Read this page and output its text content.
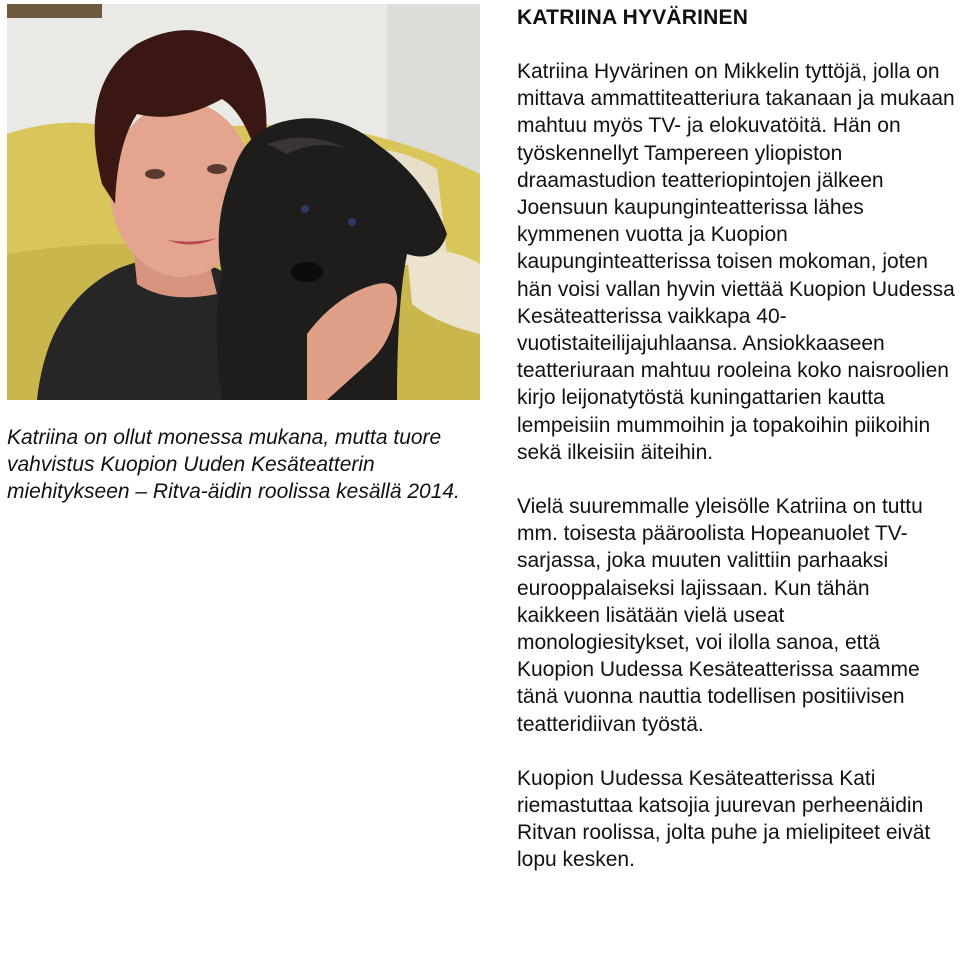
Katriina on ollut monessa mukana, mutta tuore vahvistus Kuopion Uuden Kesäteatterin miehitykseen – Ritva-äidin roolissa kesällä 2014.

KATRIINA HYVÄRINEN

Katriina Hyvärinen on Mikkelin tyttöjä, jolla on mittava ammattiteatteriura takanaan ja mukaan mahtuu myös TV- ja elokuvatöitä. Hän on työskennellyt Tampereen yliopiston draamastudion teatteriopintojen jälkeen Joensuun kaupunginteatterissa lähes kymmenen vuotta ja Kuopion kaupunginteatterissa toisen mokoman, joten hän voisi vallan hyvin viettää Kuopion Uudessa Kesäteatterissa vaikkapa 40-vuotistaiteilijajuhlaansa. Ansiokkaaseen teatteriuraan mahtuu rooleina koko naisroolien kirjo leijonatytöstä kuningattarien kautta lempeisiin mummoihin ja topakoihin piikoihin sekä ilkeisiin äiteihin.

Vielä suuremmalle yleisölle Katriina on tuttu mm. toisesta pääroolista Hopeanuolet TV-sarjassa, joka muuten valittiin parhaaksi eurooppalaiseksi lajissaan. Kun tähän kaikkeen lisätään vielä useat monologiesitykset, voi ilolla sanoa, että Kuopion Uudessa Kesäteatterissa saamme tänä vuonna nauttia todellisen positiivisen teatteridiivan työstä.

Kuopion Uudessa Kesäteatterissa Kati riemastuttaa katsojia juurevan perheenäidin Ritvan roolissa, jolta puhe ja mielipiteet eivät lopu kesken.
